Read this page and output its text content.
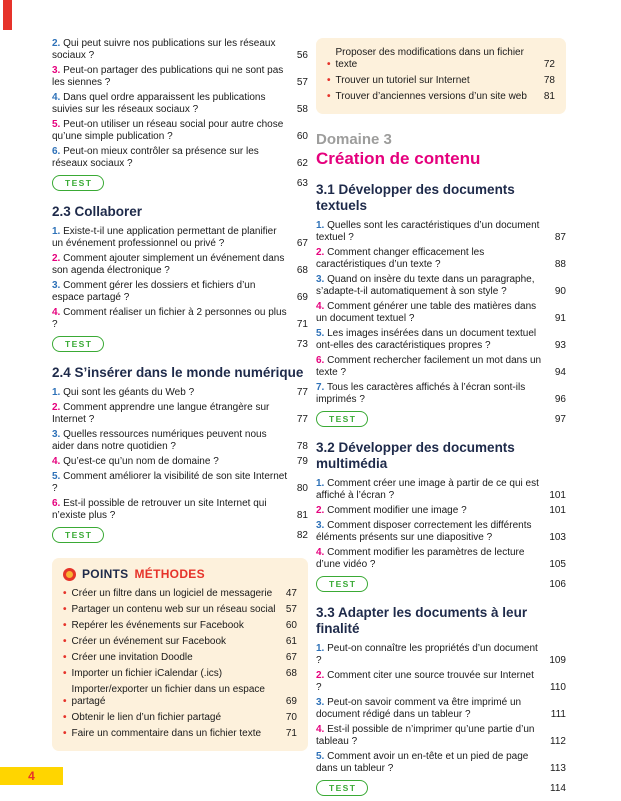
2. Qui peut suivre nos publications sur les réseaux sociaux ?	56
3. Peut-on partager des publications qui ne sont pas les siennes ?	57
4. Dans quel ordre apparaissent les publications suivies sur les réseaux sociaux ?	58
5. Peut-on utiliser un réseau social pour autre chose qu’une simple publication ?	60
6. Peut-on mieux contrôler sa présence sur les réseaux sociaux ?	62
TEST	63
2.3 Collaborer
1. Existe-t-il une application permettant de planifier un événement professionnel ou privé ?	67
2. Comment ajouter simplement un événement dans son agenda électronique ?	68
3. Comment gérer les dossiers et fichiers d’un espace partagé ?	69
4. Comment réaliser un fichier à 2 personnes ou plus ?	71
TEST	73
2.4 S’insérer dans le monde numérique
1. Qui sont les géants du Web ?	77
2. Comment apprendre une langue étrangère sur Internet ?	77
3. Quelles ressources numériques peuvent nous aider dans notre quotidien ?	78
4. Qu’est-ce qu’un nom de domaine ?	79
5. Comment améliorer la visibilité de son site Internet ?	80
6. Est-il possible de retrouver un site Internet qui n’existe plus ?	81
TEST	82
POINTS MÉTHODES
• Créer un filtre dans un logiciel de messagerie	47
• Partager un contenu web sur un réseau social 57
• Repérer les événements sur Facebook	60
• Créer un événement sur Facebook	61
• Créer une invitation Doodle	67
• Importer un fichier iCalendar (.ics)	68
•
Importer/exporter un fichier dans un espace partagé	69
• Obtenir le lien d’un fichier partagé	70
• Faire un commentaire dans un fichier texte	71
•
Proposer des modifications dans un fichier texte	72
• Trouver un tutoriel sur Internet	78
• Trouver d’anciennes versions d’un site web	81
Domaine 3
Création de contenu
3.1 Développer des documents textuels
1. Quelles sont les caractéristiques d’un document textuel ?	87
2. Comment changer efficacement les caractéristiques d’un texte ?	88
3. Quand on insère du texte dans un paragraphe, s’adapte-t-il automatiquement à son style ?	90
4. Comment générer une table des matières dans un document textuel ?	91
5. Les images insérées dans un document textuel ont-elles des caractéristiques propres ?	93
6. Comment rechercher facilement un mot dans un texte ?	94
7. Tous les caractères affichés à l’écran sont-ils imprimés ?	96
TEST	97
3.2 Développer des documents multimédia
1. Comment créer une image à partir de ce qui est affiché à l’écran ?	101
2. Comment modifier une image ?	101
3. Comment disposer correctement les différents éléments présents sur une diapositive ?	103
4. Comment modifier les paramètres de lecture d’une vidéo ?	105
TEST	106
3.3 Adapter les documents à leur finalité
1. Peut-on connaître les propriétés d’un document ?	109
2. Comment citer une source trouvée sur Internet ?	110
3. Peut-on savoir comment va être imprimé un document rédigé dans un tableur ?	111
4. Est-il possible de n’imprimer qu’une partie d’un tableau ?	112
5. Comment avoir un en-tête et un pied de page dans un tableur ?	113
TEST	114
4
